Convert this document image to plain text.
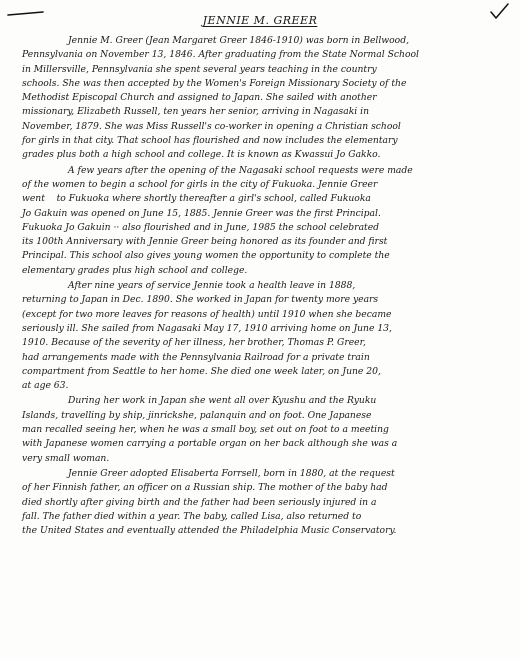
JENNIE M. GREER

Jennie M. Greer (Jean Margaret Greer 1846-1910) was born in Bellwood,
Pennsylvania on November 13, 1846. After graduating from the State Normal School
in Millersville, Pennsylvania she spent several years teaching in the country
schools. She was then accepted by the Women's Foreign Missionary Society of the
Methodist Episcopal Church and assigned to Japan. She sailed with another
missionary, Elizabeth Russell, ten years her senior, arriving in Nagasaki in
November, 1879. She was Miss Russell's co-worker in opening a Christian school
for girls in that city. That school has flourished and now includes the elementary
grades plus both a high school and college. It is known as Kwassui Jo Gakko.

A few years after the opening of the Nagasaki school requests were made
of the women to begin a school for girls in the city of Fukuoka. Jennie Greer
went    to Fukuoka where shortly thereafter a girl's school, called Fukuoka
Jo Gakuin was opened on June 15, 1885. Jennie Greer was the first Principal.
Fukuoka Jo Gakuin ·· also flourished and in June, 1985 the school celebrated
its 100th Anniversary with Jennie Greer being honored as its founder and first
Principal. This school also gives young women the opportunity to complete the
elementary grades plus high school and college.

After nine years of service Jennie took a health leave in 1888,
returning to Japan in Dec. 1890. She worked in Japan for twenty more years
(except for two more leaves for reasons of health) until 1910 when she became
seriously ill. She sailed from Nagasaki May 17, 1910 arriving home on June 13,
1910. Because of the severity of her illness, her brother, Thomas P. Greer,
had arrangements made with the Pennsylvania Railroad for a private train
compartment from Seattle to her home. She died one week later, on June 20,
at age 63.

During her work in Japan she went all over Kyushu and the Ryuku
Islands, travelling by ship, jinrickshe, palanquin and on foot. One Japanese
man recalled seeing her, when he was a small boy, set out on foot to a meeting
with Japanese women carrying a portable organ on her back although she was a
very small woman.

Jennie Greer adopted Elisaberta Forrsell, born in 1880, at the request
of her Finnish father, an officer on a Russian ship. The mother of the baby had
died shortly after giving birth and the father had been seriously injured in a
fall. The father died within a year. The baby, called Lisa, also returned to
the United States and eventually attended the Philadelphia Music Conservatory.
